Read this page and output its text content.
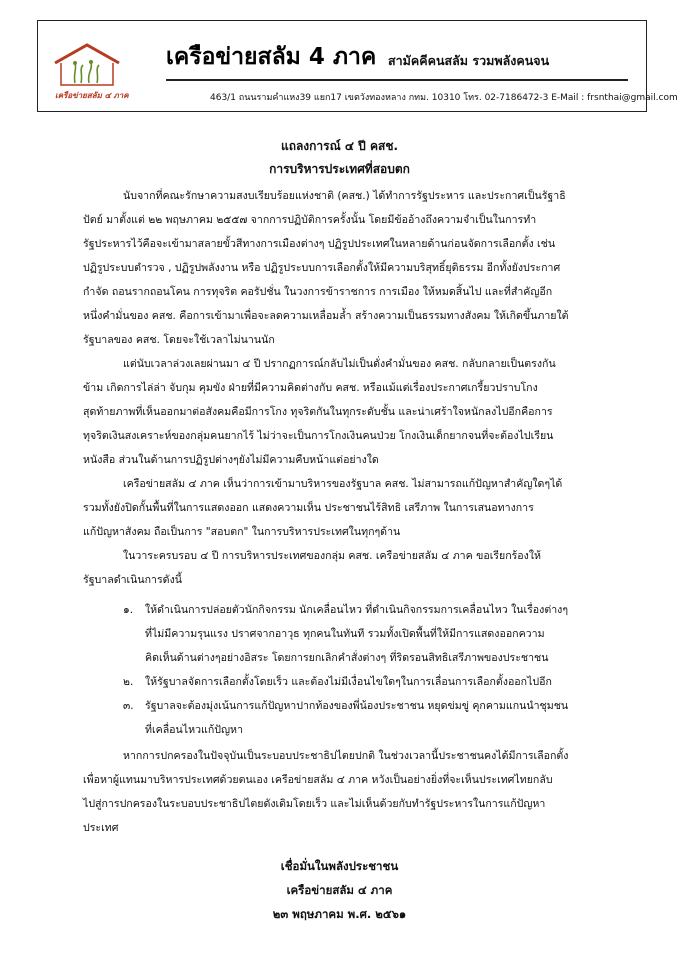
เครือข่ายสลัม ๔ ภาค
เครือข่ายสลัม 4 ภาค สามัคคีคนสลัม รวมพลังคนจน
463/1 ถนนรามคำแหง39 แยก17 เขตวังทองหลาง กทม. 10310 โทร. 02-7186472-3 E-Mail : frsnthai@gmail.com
แถลงการณ์ ๔ ปี คสช.
การบริหารประเทศที่สอบตก
นับจากที่คณะรักษาความสงบเรียบร้อยแห่งชาติ (คสช.) ได้ทำการรัฐประหาร และประกาศเป็นรัฐาธิ
ปัตย์ มาตั้งแต่ ๒๒ พฤษภาคม ๒๕๕๗ จากการปฏิบัติการครั้งนั้น โดยมีข้ออ้างถึงความจำเป็นในการทำ
รัฐประหารไว้คือจะเข้ามาสลายขั้วสีทางการเมืองต่างๆ ปฏิรูปประเทศในหลายด้านก่อนจัดการเลือกตั้ง เช่น
ปฏิรูประบบตำรวจ , ปฏิรูปพลังงาน หรือ ปฏิรูประบบการเลือกตั้งให้มีความบริสุทธิ์ยุติธรรม อีกทั้งยังประกาศ
กำจัด ถอนรากถอนโคน การทุจริต คอรัปชั่น ในวงการข้าราชการ การเมือง ให้หมดสิ้นไป และที่สำคัญอีก
หนึ่งคำมั่นของ คสช. คือการเข้ามาเพื่อจะลดความเหลื่อมล้ำ สร้างความเป็นธรรมทางสังคม ให้เกิดขึ้นภายใต้
รัฐบาลของ คสช. โดยจะใช้เวลาไม่นานนัก
แต่นับเวลาล่วงเลยผ่านมา ๔ ปี ปรากฏการณ์กลับไม่เป็นดั่งคำมั่นของ คสช. กลับกลายเป็นตรงกัน
ข้าม เกิดการไล่ล่า จับกุม คุมขัง ฝ่ายที่มีความคิดต่างกับ คสช. หรือแม้แต่เรื่องประกาศเกรี้ยวปราบโกง
สุดท้ายภาพที่เห็นออกมาต่อสังคมคือมีการโกง ทุจริตกันในทุกระดับชั้น และน่าเศร้าใจหนักลงไปอีกคือการ
ทุจริตเงินสงเคราะห์ของกลุ่มคนยากไร้ ไม่ว่าจะเป็นการโกงเงินคนป่วย โกงเงินเด็กยากจนที่จะต้องไปเรียน
หนังสือ ส่วนในด้านการปฏิรูปต่างๆยังไม่มีความคืบหน้าแต่อย่างใด
เครือข่ายสลัม ๔ ภาค เห็นว่าการเข้ามาบริหารของรัฐบาล คสช. ไม่สามารถแก้ปัญหาสำคัญใดๆได้
รวมทั้งยังปิดกั้นพื้นที่ในการแสดงออก แสดงความเห็น ประชาชนไร้สิทธิ เสรีภาพ ในการเสนอทางการ
แก้ปัญหาสังคม ถือเป็นการ "สอบตก" ในการบริหารประเทศในทุกๆด้าน
ในวาระครบรอบ ๔ ปี การบริหารประเทศของกลุ่ม คสช. เครือข่ายสลัม ๔ ภาค ขอเรียกร้องให้
รัฐบาลดำเนินการดังนี้
๑. ให้ดำเนินการปล่อยตัวนักกิจกรรม นักเคลื่อนไหว ที่ดำเนินกิจกรรมการเคลื่อนไหว ในเรื่องต่างๆ
ที่ไม่มีความรุนแรง ปราศจากอาวุธ ทุกคนในทันที รวมทั้งเปิดพื้นที่ให้มีการแสดงออกความ
คิดเห็นด้านต่างๆอย่างอิสระ โดยการยกเลิกคำสั่งต่างๆ ที่ริดรอนสิทธิเสรีภาพของประชาชน
๒. ให้รัฐบาลจัดการเลือกตั้งโดยเร็ว และต้องไม่มีเงื่อนไขใดๆในการเลื่อนการเลือกตั้งออกไปอีก
๓. รัฐบาลจะต้องมุ่งเน้นการแก้ปัญหาปากท้องของพี่น้องประชาชน หยุดข่มขู่ คุกคามแกนนำชุมชน
ที่เคลื่อนไหวแก้ปัญหา
หากการปกครองในปัจจุบันเป็นระบอบประชาธิปไตยปกติ ในช่วงเวลานี้ประชาชนคงได้มีการเลือกตั้ง
เพื่อหาผู้แทนมาบริหารประเทศด้วยตนเอง เครือข่ายสลัม ๔ ภาค หวังเป็นอย่างยิ่งที่จะเห็นประเทศไทยกลับ
ไปสู่การปกครองในระบอบประชาธิปไตยดังเดิมโดยเร็ว และไม่เห็นด้วยกับทำรัฐประหารในการแก้ปัญหา
ประเทศ
เชื่อมั่นในพลังประชาชน
เครือข่ายสลัม ๔ ภาค
๒๓ พฤษภาคม พ.ศ. ๒๕๖๑
